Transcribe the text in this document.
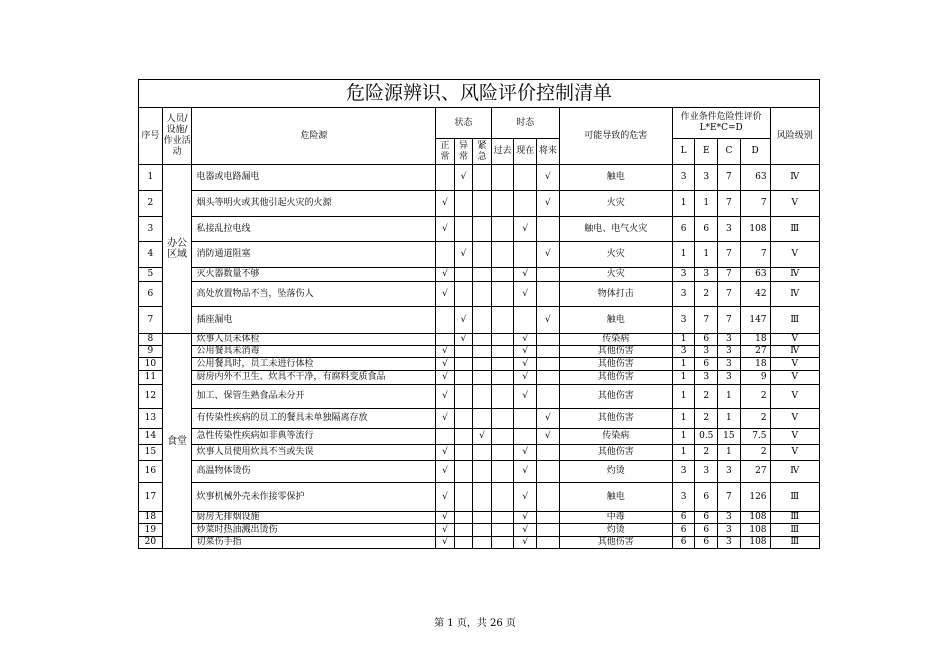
危险源辨识、风险评价控制清单
序号	人员/设施/作业活动	危险源	状态			时态			可能导致的危害	作业条件危险性评价
L*E*C=D				风险级别
			正常	异常	紧急	过去	现在	将来		L	E	C	D	
1	办公区域	电器或电路漏电		√				√	触电	3	3	7	63	Ⅳ
2		烟头等明火或其他引起火灾的火源	√					√	火灾	1	1	7	7	Ⅴ
3		私接乱拉电线	√				√		触电、电气火灾	6	6	3	108	Ⅲ
4		消防通道阻塞		√				√	火灾	1	1	7	7	Ⅴ
5		灭火器数量不够	√				√		火灾	3	3	7	63	Ⅳ
6		高处放置物品不当，坠落伤人	√				√		物体打击	3	2	7	42	Ⅳ
7		插座漏电		√				√	触电	3	7	7	147	Ⅲ
8	食堂	炊事人员未体检		√			√		传染病	1	6	3	18	Ⅴ
9		公用餐具未消毒	√				√		其他伤害	3	3	3	27	Ⅳ
10		公用餐具时，员工未进行体检	√				√		其他伤害	1	6	3	18	Ⅴ
11		厨房内外不卫生、炊具不干净，有腐料变质食品	√				√		其他伤害	1	3	3	9	Ⅴ
12		加工、保管生熟食品未分开	√				√		其他伤害	1	2	1	2	Ⅴ
13		有传染性疾病的员工的餐具未单独隔离存放	√					√	其他伤害	1	2	1	2	Ⅴ
14		急性传染性疾病如非典等流行			√			√	传染病	1	0.5	15	7.5	Ⅴ
15		炊事人员使用炊具不当或失误	√				√		其他伤害	1	2	1	2	Ⅴ
16		高温物体烫伤	√				√		灼烫	3	3	3	27	Ⅳ
17		炊事机械外壳未作接零保护	√				√		触电	3	6	7	126	Ⅲ
18		厨房无排烟设施	√				√		中毒	6	6	3	108	Ⅲ
19		炒菜时热油溅出烫伤	√				√		灼烫	6	6	3	108	Ⅲ
20		切菜伤手指	√				√		其他伤害	6	6	3	108	Ⅲ
第 1 页，共 26 页
